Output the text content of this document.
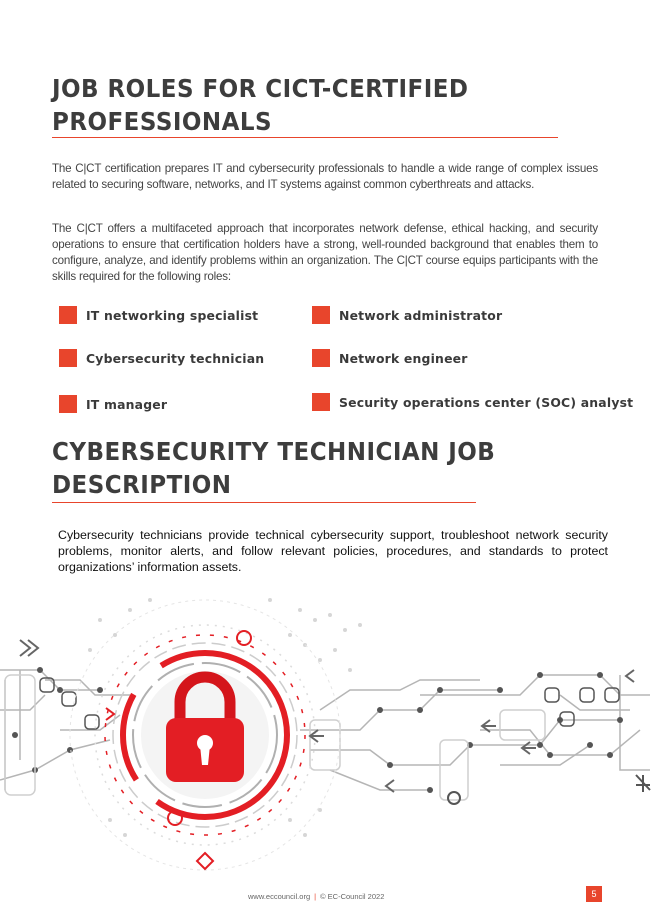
JOB ROLES FOR CICT-CERTIFIED
PROFESSIONALS

The C|CT certification prepares IT and cybersecurity professionals to handle a wide range of complex issues related to securing software, networks, and IT systems against common cyberthreats and attacks.

The C|CT offers a multifaceted approach that incorporates network defense, ethical hacking, and security operations to ensure that certification holders have a strong, well-rounded background that enables them to configure, analyze, and identify problems within an organization. The C|CT course equips participants with the skills required for the following roles:

IT networking specialist
Cybersecurity technician
IT manager
Network administrator
Network engineer
Security operations center (SOC) analyst
CYBERSECURITY TECHNICIAN JOB
DESCRIPTION

Cybersecurity technicians provide technical cybersecurity support, troubleshoot network security problems, monitor alerts, and follow relevant policies, procedures, and standards to protect organizations’ information assets.

www.eccouncil.org | © EC-Council 2022	5
